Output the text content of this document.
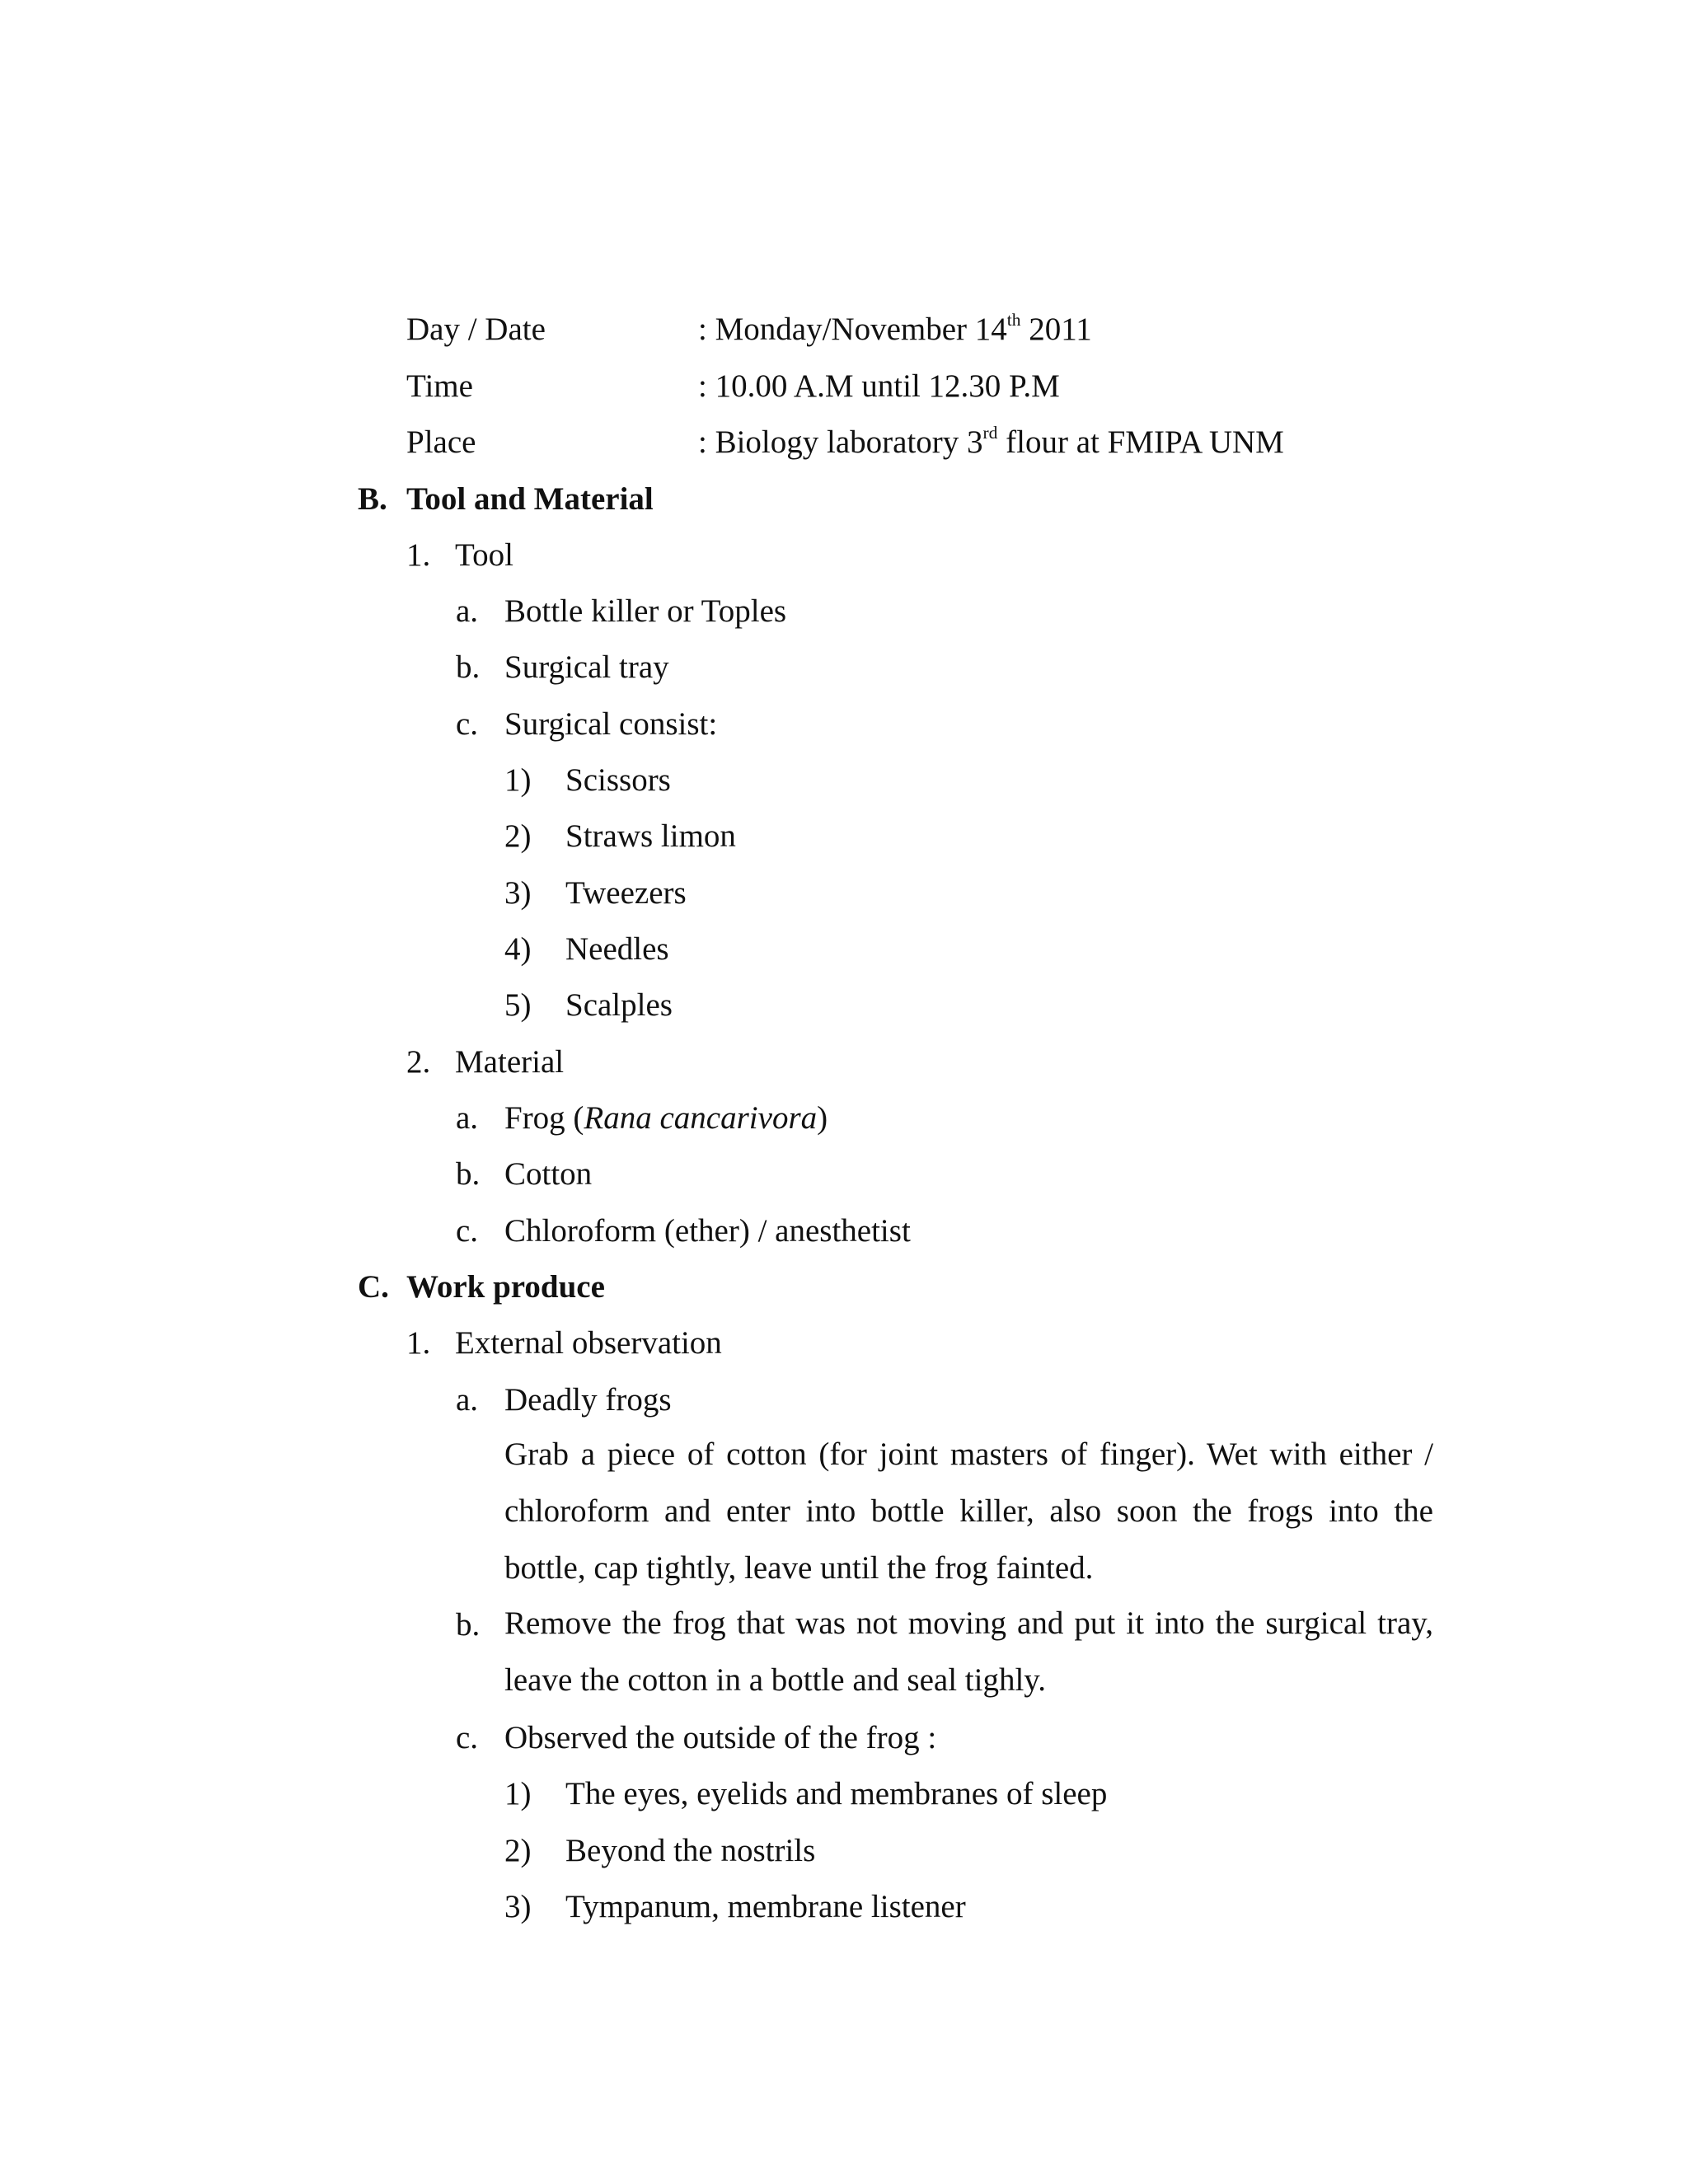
Day / Date	: Monday/November 14th 2011
Time	: 10.00 A.M until 12.30 P.M
Place	: Biology laboratory 3rd flour at FMIPA UNM
B. Tool and Material
1. Tool
a. Bottle killer or Toples
b. Surgical tray
c. Surgical consist:
1) Scissors
2) Straws limon
3) Tweezers
4) Needles
5) Scalples
2. Material
a. Frog (Rana cancarivora)
b. Cotton
c. Chloroform (ether) / anesthetist
C. Work produce
1. External observation
a. Deadly frogs
Grab a piece of cotton (for joint masters of finger). Wet with either /
chloroform and enter into bottle killer, also soon the frogs into the
bottle, cap tightly, leave until the frog fainted.
b. Remove the frog that was not moving and put it into the surgical tray,
leave the cotton in a bottle and seal tighly.
c. Observed the outside of the frog :
1) The eyes, eyelids and membranes of sleep
2) Beyond the nostrils
3) Tympanum, membrane listener
